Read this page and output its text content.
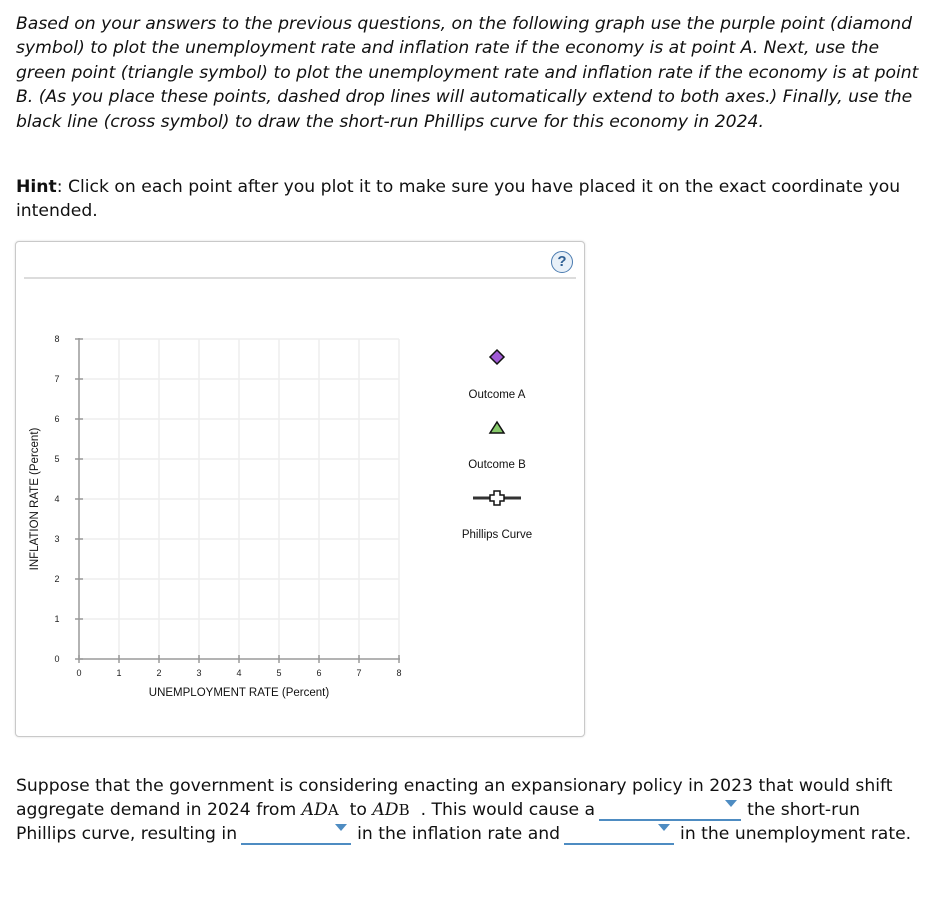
Based on your answers to the previous questions, on the following graph use the purple point (diamond symbol) to plot the unemployment rate and inflation rate if the economy is at point A. Next, use the green point (triangle symbol) to plot the unemployment rate and inflation rate if the economy is at point B. (As you place these points, dashed drop lines will automatically extend to both axes.) Finally, use the black line (cross symbol) to draw the short-run Phillips curve for this economy in 2024.

Hint: Click on each point after you plot it to make sure you have placed it on the exact coordinate you intended.

?
0
1
2
3
4
5
6
7
8
0	1	2	3	4	5	6	7	8
UNEMPLOYMENT RATE (Percent)
INFLATION RATE (Percent)
Outcome A
Outcome B
Phillips Curve

Suppose that the government is considering enacting an expansionary policy in 2023 that would shift aggregate demand in 2024 from ADA to ADB . This would cause a	the short-run Phillips curve, resulting in	in the inflation rate and	in the unemployment rate.
